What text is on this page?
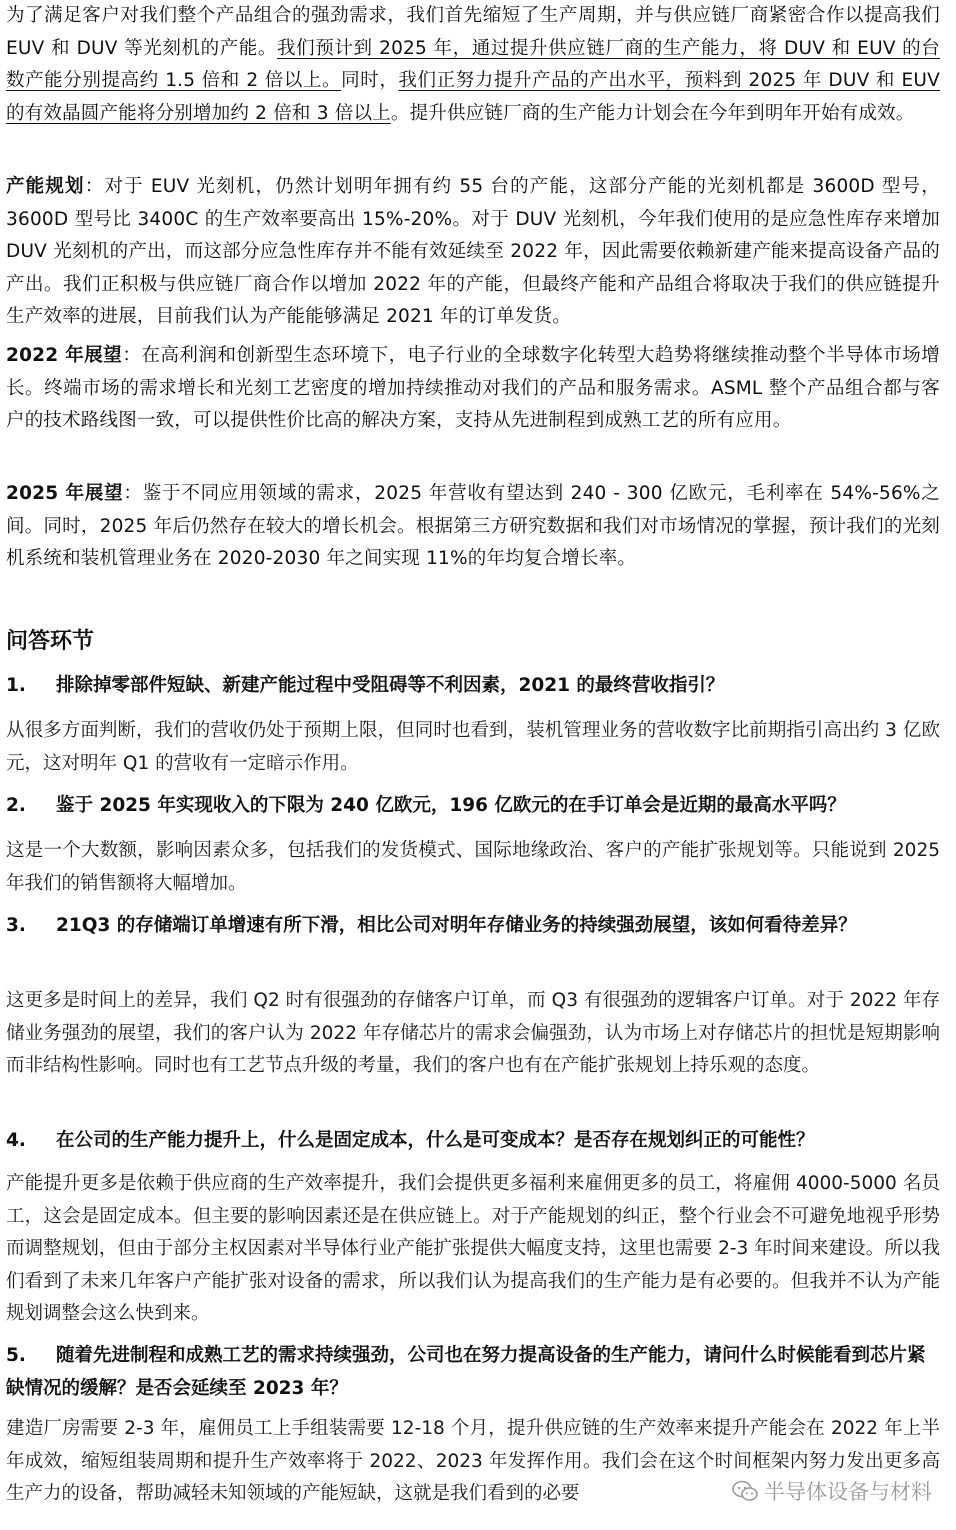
为了满足客户对我们整个产品组合的强劲需求，我们首先缩短了生产周期，并与供应链厂商紧密合作以提高我们 EUV 和 DUV 等光刻机的产能。我们预计到 2025 年，通过提升供应链厂商的生产能力，将 DUV 和 EUV 的台数产能分别提高约 1.5 倍和 2 倍以上。同时，我们正努力提升产品的产出水平，预料到 2025 年 DUV 和 EUV 的有效晶圆产能将分别增加约 2 倍和 3 倍以上。提升供应链厂商的生产能力计划会在今年到明年开始有成效。

产能规划：对于 EUV 光刻机，仍然计划明年拥有约 55 台的产能，这部分产能的光刻机都是 3600D 型号，3600D 型号比 3400C 的生产效率要高出 15%-20%。对于 DUV 光刻机，今年我们使用的是应急性库存来增加 DUV 光刻机的产出，而这部分应急性库存并不能有效延续至 2022 年，因此需要依赖新建产能来提高设备产品的产出。我们正积极与供应链厂商合作以增加 2022 年的产能，但最终产能和产品组合将取决于我们的供应链提升生产效率的进展，目前我们认为产能能够满足 2021 年的订单发货。

2022 年展望：在高利润和创新型生态环境下，电子行业的全球数字化转型大趋势将继续推动整个半导体市场增长。终端市场的需求增长和光刻工艺密度的增加持续推动对我们的产品和服务需求。ASML 整个产品组合都与客户的技术路线图一致，可以提供性价比高的解决方案，支持从先进制程到成熟工艺的所有应用。

2025 年展望：鉴于不同应用领域的需求，2025 年营收有望达到 240 - 300 亿欧元，毛利率在 54%-56%之间。同时，2025 年后仍然存在较大的增长机会。根据第三方研究数据和我们对市场情况的掌握，预计我们的光刻机系统和装机管理业务在 2020-2030 年之间实现 11%的年均复合增长率。

问答环节

1.	排除掉零部件短缺、新建产能过程中受阻碍等不利因素，2021 的最终营收指引？

从很多方面判断，我们的营收仍处于预期上限，但同时也看到，装机管理业务的营收数字比前期指引高出约 3 亿欧元，这对明年 Q1 的营收有一定暗示作用。

2.	鉴于 2025 年实现收入的下限为 240 亿欧元，196 亿欧元的在手订单会是近期的最高水平吗？

这是一个大数额，影响因素众多，包括我们的发货模式、国际地缘政治、客户的产能扩张规划等。只能说到 2025 年我们的销售额将大幅增加。

3. 21Q3 的存储端订单增速有所下滑，相比公司对明年存储业务的持续强劲展望，该如何看待差异？

这更多是时间上的差异，我们 Q2 时有很强劲的存储客户订单，而 Q3 有很强劲的逻辑客户订单。对于 2022 年存储业务强劲的展望，我们的客户认为 2022 年存储芯片的需求会偏强劲，认为市场上对存储芯片的担忧是短期影响而非结构性影响。同时也有工艺节点升级的考量，我们的客户也有在产能扩张规划上持乐观的态度。

4.	在公司的生产能力提升上，什么是固定成本，什么是可变成本？是否存在规划纠正的可能性？

产能提升更多是依赖于供应商的生产效率提升，我们会提供更多福利来雇佣更多的员工，将雇佣 4000-5000 名员工，这会是固定成本。但主要的影响因素还是在供应链上。对于产能规划的纠正，整个行业会不可避免地视乎形势而调整规划，但由于部分主权因素对半导体行业产能扩张提供大幅度支持，这里也需要 2-3 年时间来建设。所以我们看到了未来几年客户产能扩张对设备的需求，所以我们认为提高我们的生产能力是有必要的。但我并不认为产能规划调整会这么快到来。

5. 随着先进制程和成熟工艺的需求持续强劲，公司也在努力提高设备的生产能力，请问什么时候能看到芯片紧缺情况的缓解？是否会延续至 2023 年？

建造厂房需要 2-3 年，雇佣员工上手组装需要 12-18 个月，提升供应链的生产效率来提升产能会在 2022 年上半年成效，缩短组装周期和提升生产效率将于 2022、2023 年发挥作用。我们会在这个时间框架内努力发出更多高生产力的设备，帮助减轻未知领域的产能短缺，这就是我们看到的必要	半导体设备与材料
